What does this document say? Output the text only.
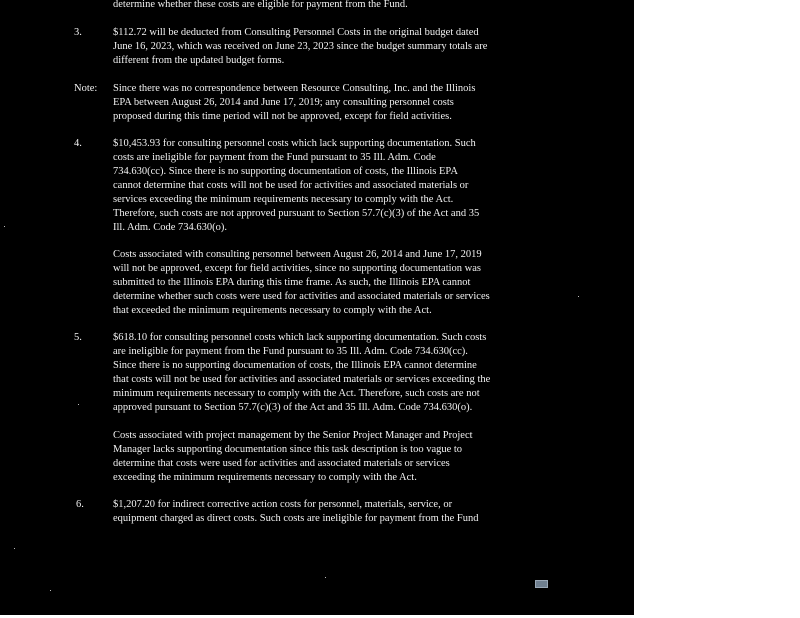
determine whether these costs are eligible for payment from the Fund.
3.	$112.72 will be deducted from Consulting Personnel Costs in the original budget dated
June 16, 2023, which was received on June 23, 2023 since the budget summary totals are
different from the updated budget forms.
Note: Since there was no correspondence between Resource Consulting, Inc. and the Illinois
EPA between August 26, 2014 and June 17, 2019; any consulting personnel costs
proposed during this time period will not be approved, except for field activities.
4.	$10,453.93 for consulting personnel costs which lack supporting documentation. Such
costs are ineligible for payment from the Fund pursuant to 35 Ill. Adm. Code
734.630(cc). Since there is no supporting documentation of costs, the Illinois EPA
cannot determine that costs will not be used for activities and associated materials or
services exceeding the minimum requirements necessary to comply with the Act.
Therefore, such costs are not approved pursuant to Section 57.7(c)(3) of the Act and 35
Ill. Adm. Code 734.630(o).
Costs associated with consulting personnel between August 26, 2014 and June 17, 2019
will not be approved, except for field activities, since no supporting documentation was
submitted to the Illinois EPA during this time frame. As such, the Illinois EPA cannot
determine whether such costs were used for activities and associated materials or services
that exceeded the minimum requirements necessary to comply with the Act.
5.	$618.10 for consulting personnel costs which lack supporting documentation. Such costs
are ineligible for payment from the Fund pursuant to 35 Ill. Adm. Code 734.630(cc).
Since there is no supporting documentation of costs, the Illinois EPA cannot determine
that costs will not be used for activities and associated materials or services exceeding the
minimum requirements necessary to comply with the Act. Therefore, such costs are not
approved pursuant to Section 57.7(c)(3) of the Act and 35 Ill. Adm. Code 734.630(o).
Costs associated with project management by the Senior Project Manager and Project
Manager lacks supporting documentation since this task description is too vague to
determine that costs were used for activities and associated materials or services
exceeding the minimum requirements necessary to comply with the Act.
6.	$1,207.20 for indirect corrective action costs for personnel, materials, service, or
equipment charged as direct costs. Such costs are ineligible for payment from the Fund
